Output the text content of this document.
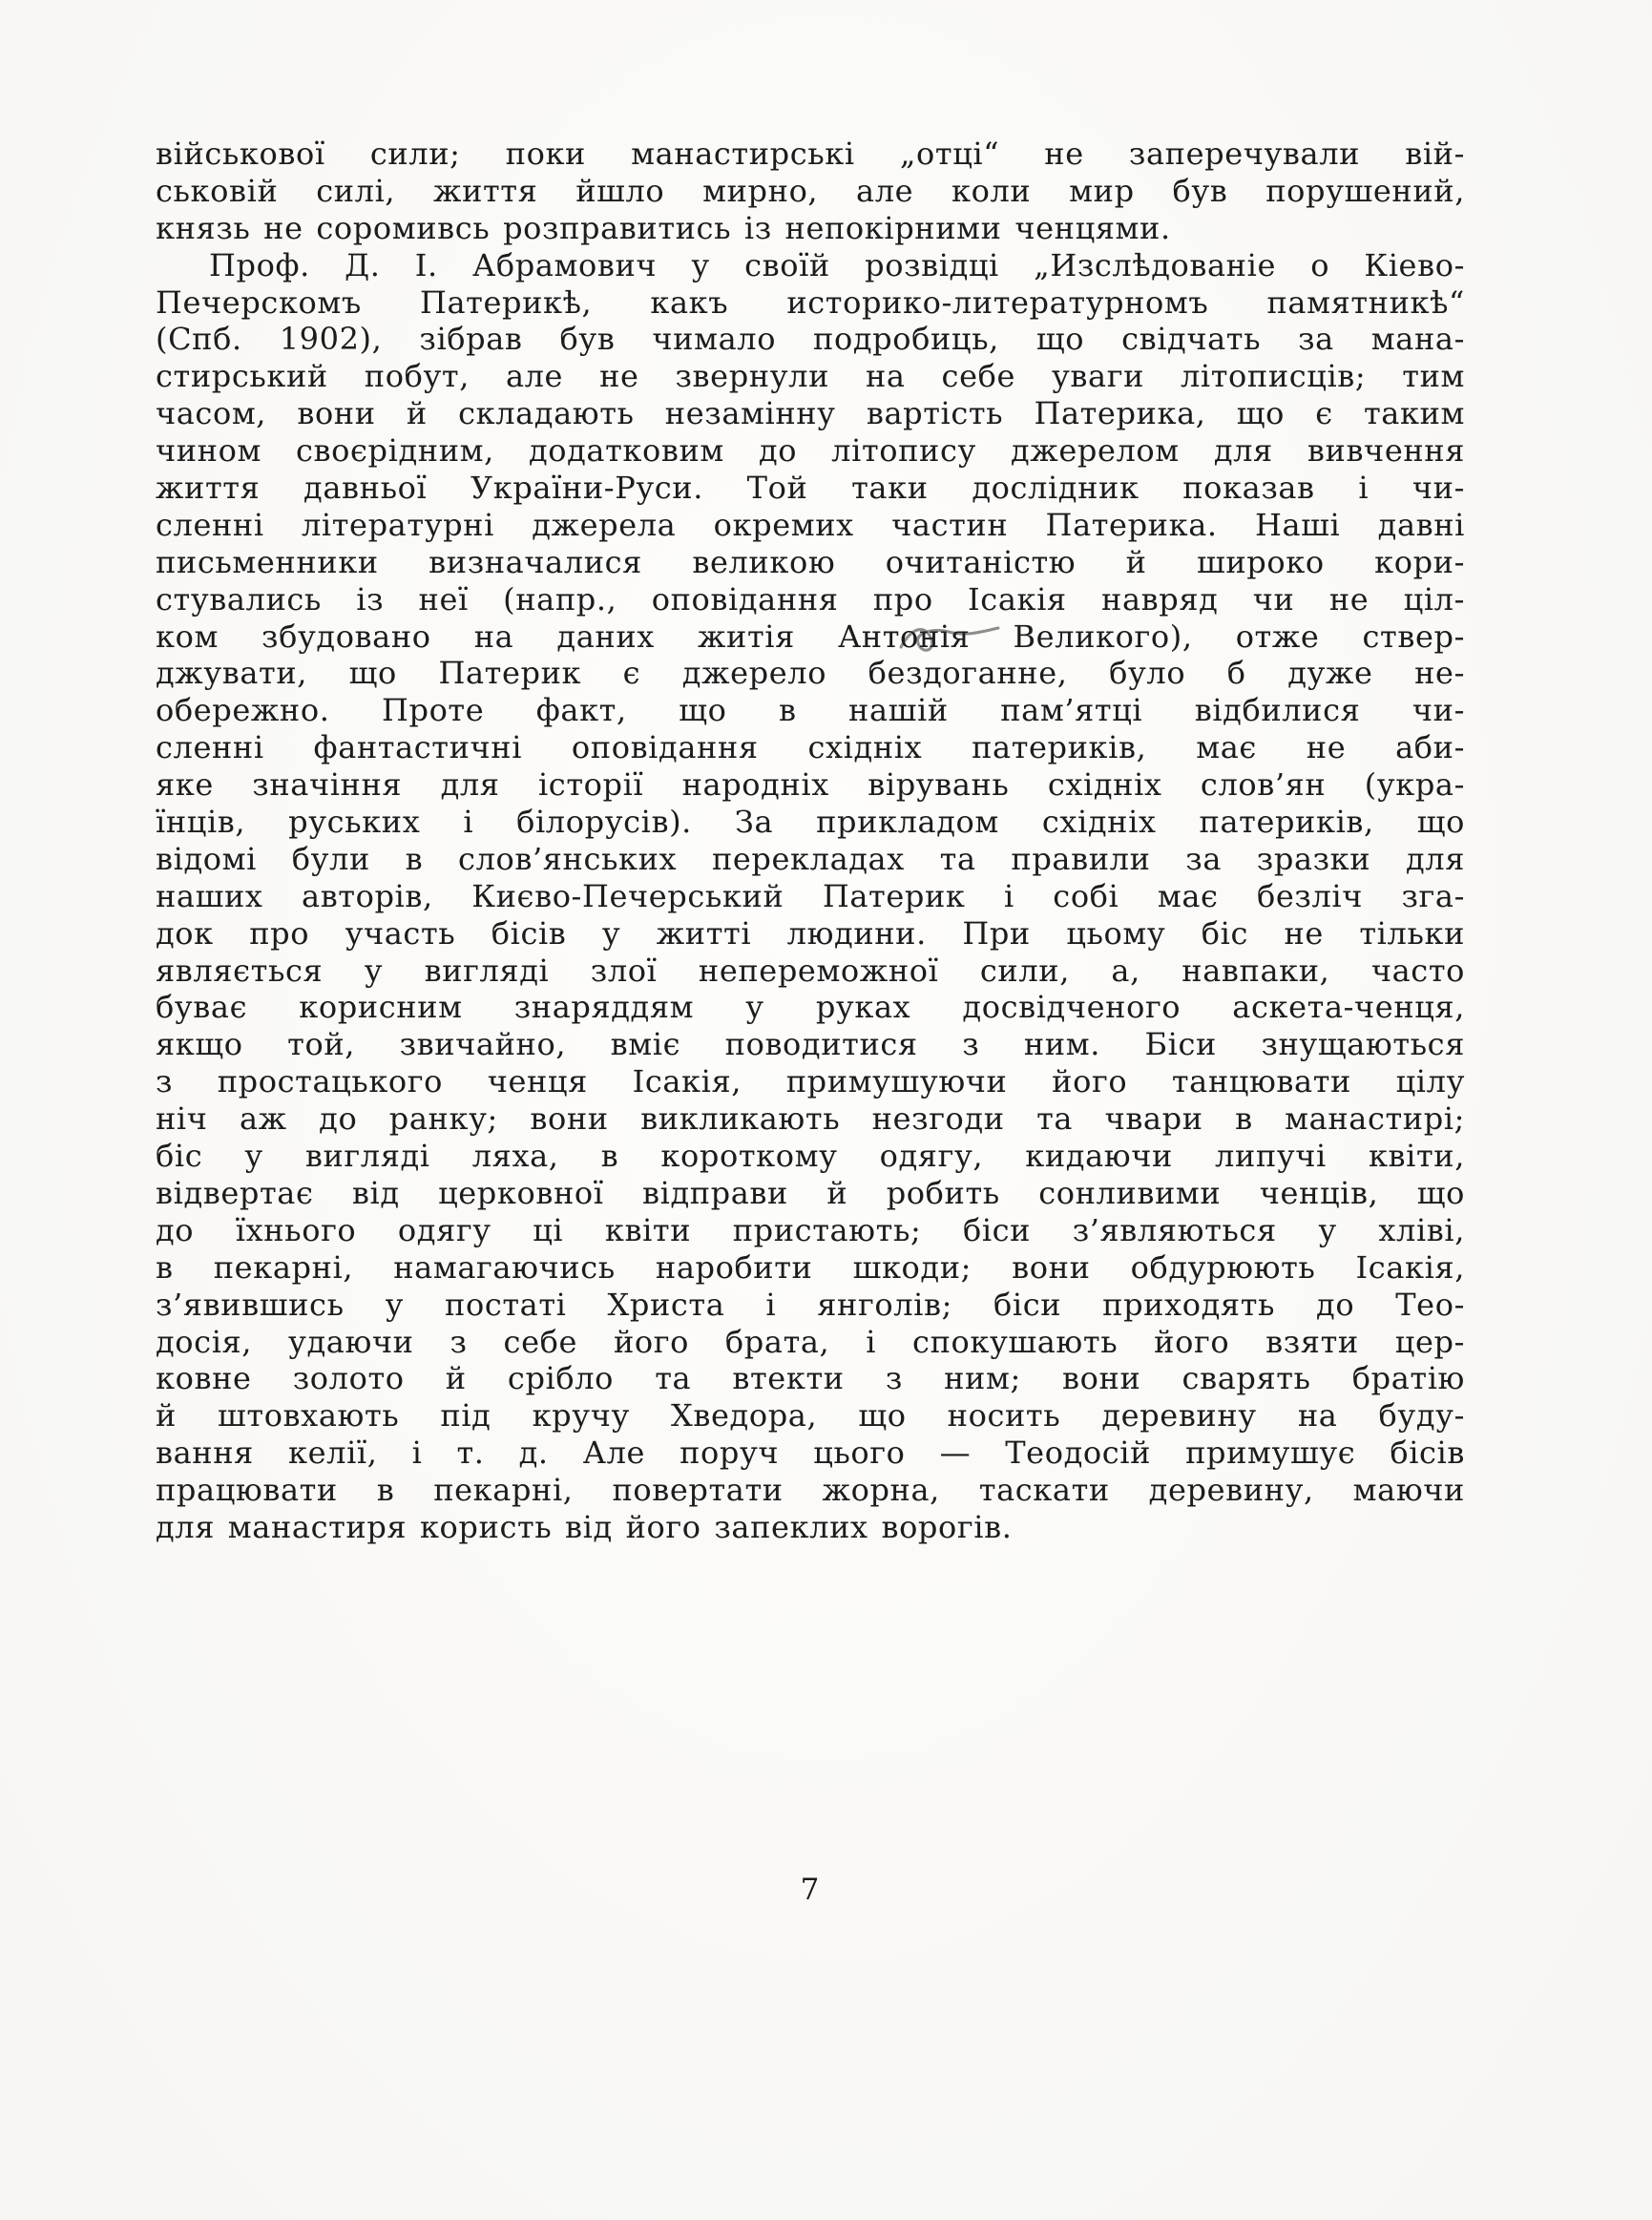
військової сили; поки манастирські „отці“ не заперечували вій-
ськовій силі, життя йшло мирно, але коли мир був порушений,
князь не соромивсь розправитись із непокірними ченцями.
Проф. Д. І. Абрамович у своїй розвідці „Изслѣдованіе о Кіево-
Печерскомъ Патерикѣ, какъ историко-литературномъ памятникѣ“
(Спб. 1902), зібрав був чимало подробиць, що свідчать за мана-
стирський побут, але не звернули на себе уваги літописців; тим
часом, вони й складають незамінну вартість Патерика, що є таким
чином своєрідним, додатковим до літопису джерелом для вивчення
життя давньої України-Руси. Той таки дослідник показав і чи-
сленні літературні джерела окремих частин Патерика. Наші давні
письменники визначалися великою очитаністю й широко кори-
стувались із неї (напр., оповідання про Ісакія навряд чи не ціл-
ком збудовано на даних житія Антонія Великого), отже ствер-
джувати, що Патерик є джерело бездоганне, було б дуже не-
обережно. Проте факт, що в нашій пам’ятці відбилися чи-
сленні фантастичні оповідання східніх патериків, має не аби-
яке значіння для історії народніх вірувань східніх слов’ян (укра-
їнців, руських і білорусів). За прикладом східніх патериків, що
відомі були в слов’янських перекладах та правили за зразки для
наших авторів, Києво-Печерський Патерик і собі має безліч зга-
док про участь бісів у житті людини. При цьому біс не тільки
являється у вигляді злої непереможної сили, а, навпаки, часто
буває корисним знаряддям у руках досвідченого аскета-ченця,
якщо той, звичайно, вміє поводитися з ним. Біси знущаються
з простацького ченця Ісакія, примушуючи його танцювати цілу
ніч аж до ранку; вони викликають незгоди та чвари в манастирі;
біс у вигляді ляха, в короткому одягу, кидаючи липучі квіти,
відвертає від церковної відправи й робить сонливими ченців, що
до їхнього одягу ці квіти пристають; біси з’являються у хліві,
в пекарні, намагаючись наробити шкоди; вони обдурюють Ісакія,
з’явившись у постаті Христа і янголів; біси приходять до Тео-
досія, удаючи з себе його брата, і спокушають його взяти цер-
ковне золото й срібло та втекти з ним; вони сварять братію
й штовхають під кручу Хведора, що носить деревину на буду-
вання келії, і т. д. Але поруч цього — Теодосій примушує бісів
працювати в пекарні, повертати жорна, таскати деревину, маючи
для манастиря користь від його запеклих ворогів.
7
